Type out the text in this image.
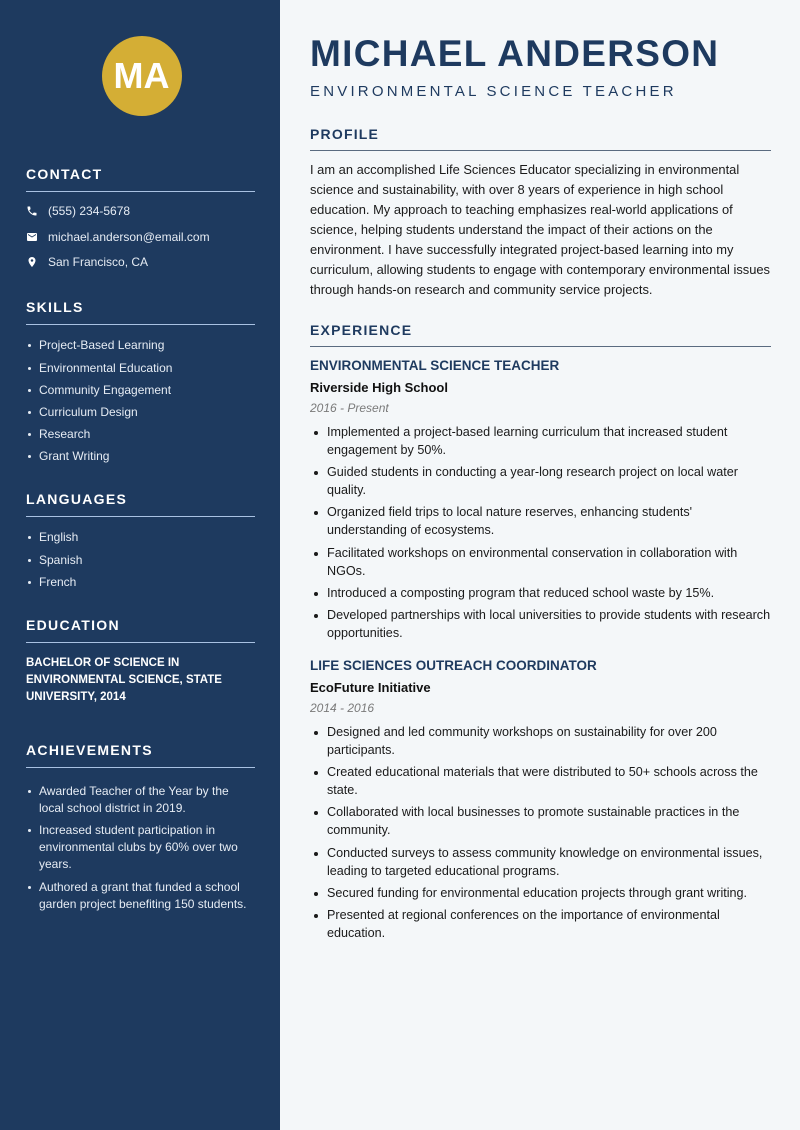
MA
CONTACT
(555) 234-5678
michael.anderson@email.com
San Francisco, CA
SKILLS
Project-Based Learning
Environmental Education
Community Engagement
Curriculum Design
Research
Grant Writing
LANGUAGES
English
Spanish
French
EDUCATION

BACHELOR OF SCIENCE IN ENVIRONMENTAL SCIENCE, STATE UNIVERSITY, 2014

ACHIEVEMENTS
Awarded Teacher of the Year by the local school district in 2019.
Increased student participation in environmental clubs by 60% over two years.
Authored a grant that funded a school garden project benefiting 150 students.
MICHAEL ANDERSON
ENVIRONMENTAL SCIENCE TEACHER
PROFILE

I am an accomplished Life Sciences Educator specializing in environmental science and sustainability, with over 8 years of experience in high school education. My approach to teaching emphasizes real-world applications of science, helping students understand the impact of their actions on the environment. I have successfully integrated project-based learning into my curriculum, allowing students to engage with contemporary environmental issues through hands-on research and community service projects.

EXPERIENCE
ENVIRONMENTAL SCIENCE TEACHER
Riverside High School
2016 - Present
Implemented a project-based learning curriculum that increased student engagement by 50%.
Guided students in conducting a year-long research project on local water quality.
Organized field trips to local nature reserves, enhancing students' understanding of ecosystems.
Facilitated workshops on environmental conservation in collaboration with NGOs.
Introduced a composting program that reduced school waste by 15%.
Developed partnerships with local universities to provide students with research opportunities.
LIFE SCIENCES OUTREACH COORDINATOR
EcoFuture Initiative
2014 - 2016
Designed and led community workshops on sustainability for over 200 participants.
Created educational materials that were distributed to 50+ schools across the state.
Collaborated with local businesses to promote sustainable practices in the community.
Conducted surveys to assess community knowledge on environmental issues, leading to targeted educational programs.
Secured funding for environmental education projects through grant writing.
Presented at regional conferences on the importance of environmental education.
